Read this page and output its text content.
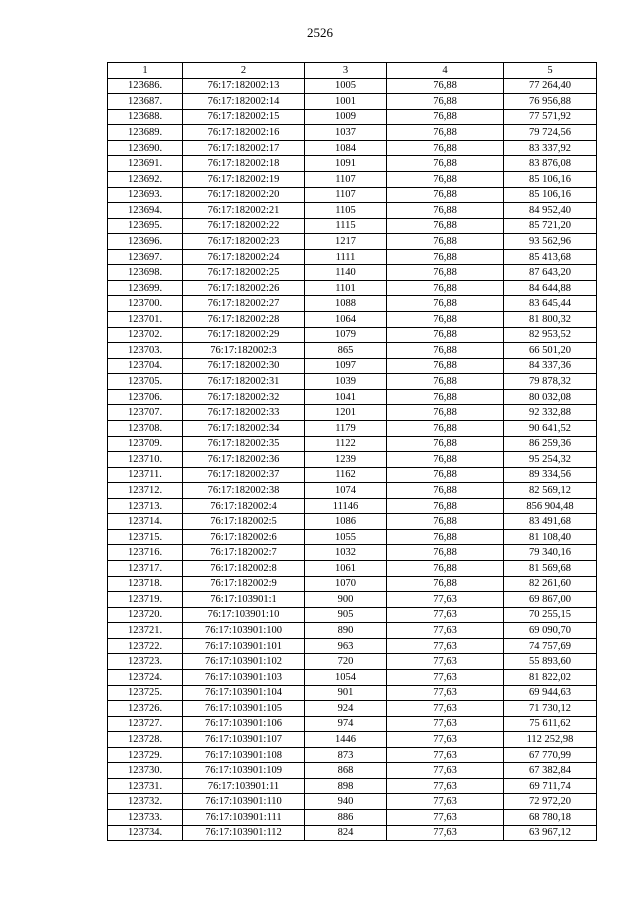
2526
1	2	3	4	5
123686.	76:17:182002:13	1005	76,88	77 264,40
123687.	76:17:182002:14	1001	76,88	76 956,88
123688.	76:17:182002:15	1009	76,88	77 571,92
123689.	76:17:182002:16	1037	76,88	79 724,56
123690.	76:17:182002:17	1084	76,88	83 337,92
123691.	76:17:182002:18	1091	76,88	83 876,08
123692.	76:17:182002:19	1107	76,88	85 106,16
123693.	76:17:182002:20	1107	76,88	85 106,16
123694.	76:17:182002:21	1105	76,88	84 952,40
123695.	76:17:182002:22	1115	76,88	85 721,20
123696.	76:17:182002:23	1217	76,88	93 562,96
123697.	76:17:182002:24	1111	76,88	85 413,68
123698.	76:17:182002:25	1140	76,88	87 643,20
123699.	76:17:182002:26	1101	76,88	84 644,88
123700.	76:17:182002:27	1088	76,88	83 645,44
123701.	76:17:182002:28	1064	76,88	81 800,32
123702.	76:17:182002:29	1079	76,88	82 953,52
123703.	76:17:182002:3	865	76,88	66 501,20
123704.	76:17:182002:30	1097	76,88	84 337,36
123705.	76:17:182002:31	1039	76,88	79 878,32
123706.	76:17:182002:32	1041	76,88	80 032,08
123707.	76:17:182002:33	1201	76,88	92 332,88
123708.	76:17:182002:34	1179	76,88	90 641,52
123709.	76:17:182002:35	1122	76,88	86 259,36
123710.	76:17:182002:36	1239	76,88	95 254,32
123711.	76:17:182002:37	1162	76,88	89 334,56
123712.	76:17:182002:38	1074	76,88	82 569,12
123713.	76:17:182002:4	11146	76,88	856 904,48
123714.	76:17:182002:5	1086	76,88	83 491,68
123715.	76:17:182002:6	1055	76,88	81 108,40
123716.	76:17:182002:7	1032	76,88	79 340,16
123717.	76:17:182002:8	1061	76,88	81 569,68
123718.	76:17:182002:9	1070	76,88	82 261,60
123719.	76:17:103901:1	900	77,63	69 867,00
123720.	76:17:103901:10	905	77,63	70 255,15
123721.	76:17:103901:100	890	77,63	69 090,70
123722.	76:17:103901:101	963	77,63	74 757,69
123723.	76:17:103901:102	720	77,63	55 893,60
123724.	76:17:103901:103	1054	77,63	81 822,02
123725.	76:17:103901:104	901	77,63	69 944,63
123726.	76:17:103901:105	924	77,63	71 730,12
123727.	76:17:103901:106	974	77,63	75 611,62
123728.	76:17:103901:107	1446	77,63	112 252,98
123729.	76:17:103901:108	873	77,63	67 770,99
123730.	76:17:103901:109	868	77,63	67 382,84
123731.	76:17:103901:11	898	77,63	69 711,74
123732.	76:17:103901:110	940	77,63	72 972,20
123733.	76:17:103901:111	886	77,63	68 780,18
123734.	76:17:103901:112	824	77,63	63 967,12
